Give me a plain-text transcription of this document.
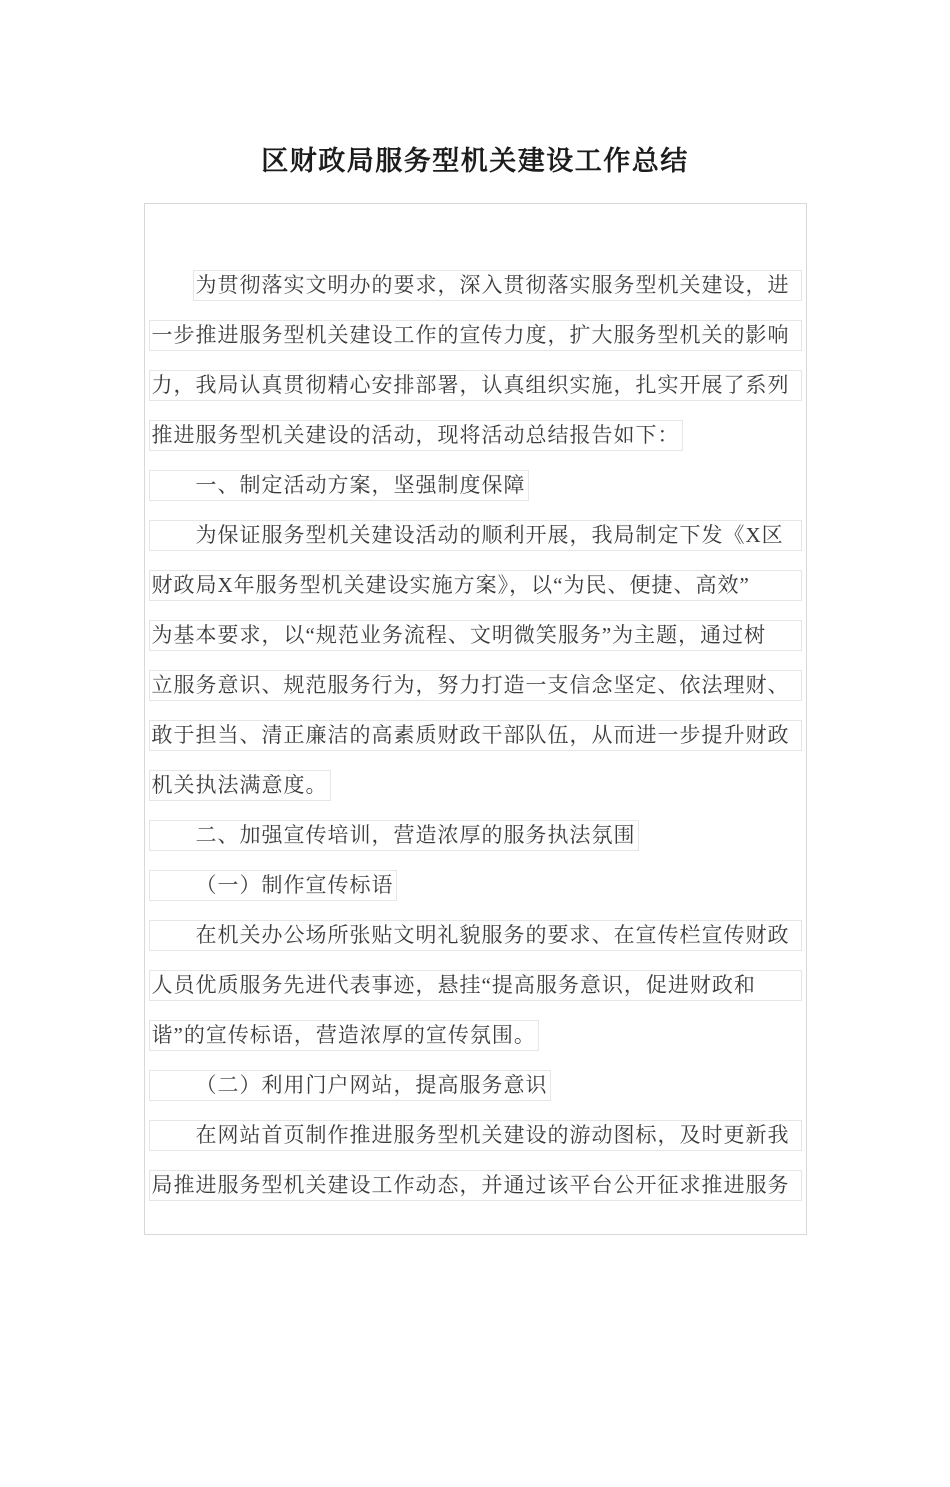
区财政局服务型机关建设工作总结
为贯彻落实文明办的要求，深入贯彻落实服务型机关建设，进
一步推进服务型机关建设工作的宣传力度，扩大服务型机关的影响
力，我局认真贯彻精心安排部署，认真组织实施，扎实开展了系列
推进服务型机关建设的活动，现将活动总结报告如下：
一、制定活动方案，坚强制度保障
为保证服务型机关建设活动的顺利开展，我局制定下发《X区
财政局X年服务型机关建设实施方案》，以“为民、便捷、高效”
为基本要求，以“规范业务流程、文明微笑服务”为主题，通过树
立服务意识、规范服务行为，努力打造一支信念坚定、依法理财、
敢于担当、清正廉洁的高素质财政干部队伍，从而进一步提升财政
机关执法满意度。
二、加强宣传培训，营造浓厚的服务执法氛围
（一）制作宣传标语
在机关办公场所张贴文明礼貌服务的要求、在宣传栏宣传财政
人员优质服务先进代表事迹，悬挂“提高服务意识，促进财政和
谐”的宣传标语，营造浓厚的宣传氛围。
（二）利用门户网站，提高服务意识
在网站首页制作推进服务型机关建设的游动图标，及时更新我
局推进服务型机关建设工作动态，并通过该平台公开征求推进服务
